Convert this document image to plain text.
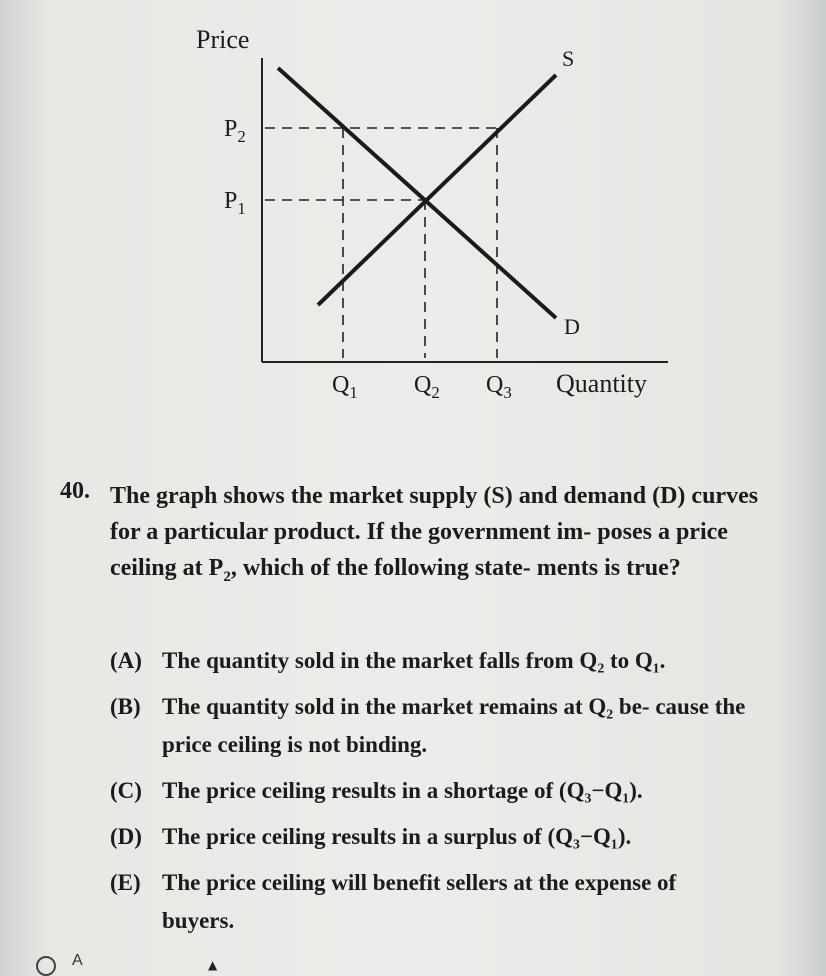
Price
Quantity
S
D
$P_2$
$P_1$
$Q_1$ $Q_2$ $Q_3$
40. The graph shows the market supply (S) and demand (D) curves for a particular product. If the government im- poses a price ceiling at $P_2$, which of the following state- ments is true?
(A) The quantity sold in the market falls from Q₂ to Q₁.
(B) The quantity sold in the market remains at Q₂ be- cause the price ceiling is not binding.
(C) The price ceiling results in a shortage of (Q₃−Q₁).
(D) The price ceiling results in a surplus of (Q₃−Q₁).
(E) The price ceiling will benefit sellers at the expense of buyers.
A	▲
